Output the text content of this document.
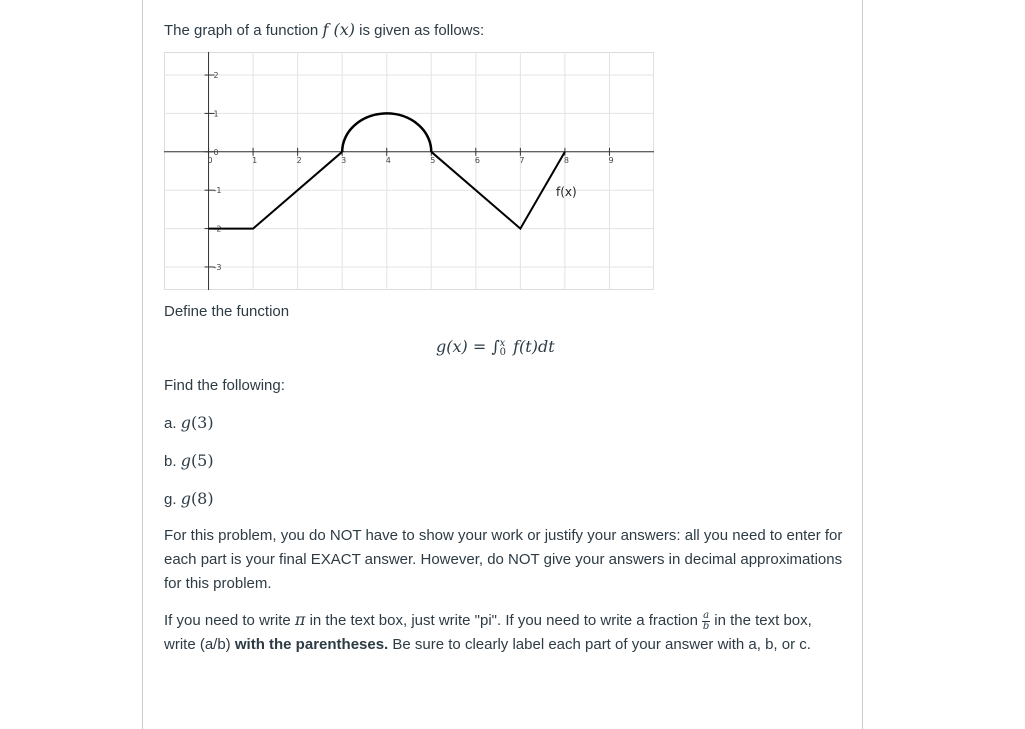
The graph of a function f (x) is given as follows:

0	1	2	3	4	5	6	7	8	9
2
1
0
-1
-2
-3
f(x)

Define the function

g(x) = ∫ x
0 f(t)dt

Find the following:

a. g(3)

b. g(5)

g. g(8)

For this problem, you do NOT have to show your work or justify your answers: all you need to enter for each part is your final EXACT answer. However, do NOT give your answers in decimal approximations for this problem.

If you need to write π in the text box, just write "pi". If you need to write a fraction $\frac{a}{b}$ in the text box, write (a/b) with the parentheses. Be sure to clearly label each part of your answer with a, b, or c.
